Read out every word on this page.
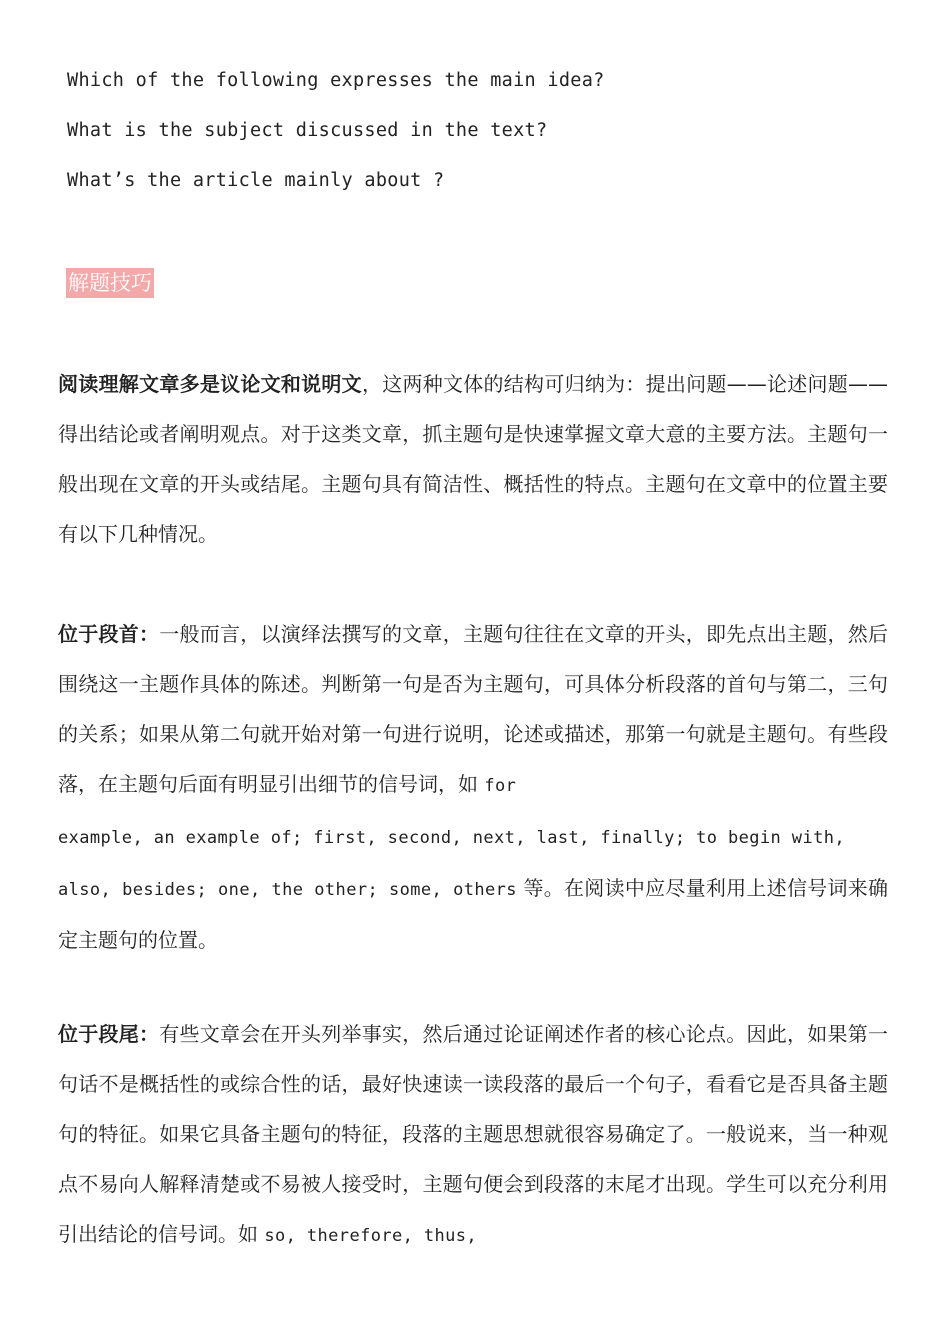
Which of the following expresses the main idea?
What is the subject discussed in the text?
What’s the article mainly about ?
解题技巧
阅读理解文章多是议论文和说明文，这两种文体的结构可归纳为：提出问题——论述问题——得出结论或者阐明观点。对于这类文章，抓主题句是快速掌握文章大意的主要方法。主题句一般出现在文章的开头或结尾。主题句具有简洁性、概括性的特点。主题句在文章中的位置主要有以下几种情况。
位于段首：一般而言，以演绎法撰写的文章，主题句往往在文章的开头，即先点出主题，然后围绕这一主题作具体的陈述。判断第一句是否为主题句，可具体分析段落的首句与第二，三句的关系；如果从第二句就开始对第一句进行说明，论述或描述，那第一句就是主题句。有些段落，在主题句后面有明显引出细节的信号词，如 for
example, an example of; first, second, next, last, finally; to begin with,
also, besides; one, the other; some, others 等。在阅读中应尽量利用上述信号词来确定主题句的位置。
位于段尾：有些文章会在开头列举事实，然后通过论证阐述作者的核心论点。因此，如果第一句话不是概括性的或综合性的话，最好快速读一读段落的最后一个句子，看看它是否具备主题句的特征。如果它具备主题句的特征，段落的主题思想就很容易确定了。一般说来，当一种观点不易向人解释清楚或不易被人接受时，主题句便会到段落的末尾才出现。学生可以充分利用引出结论的信号词。如 so, therefore, thus,
